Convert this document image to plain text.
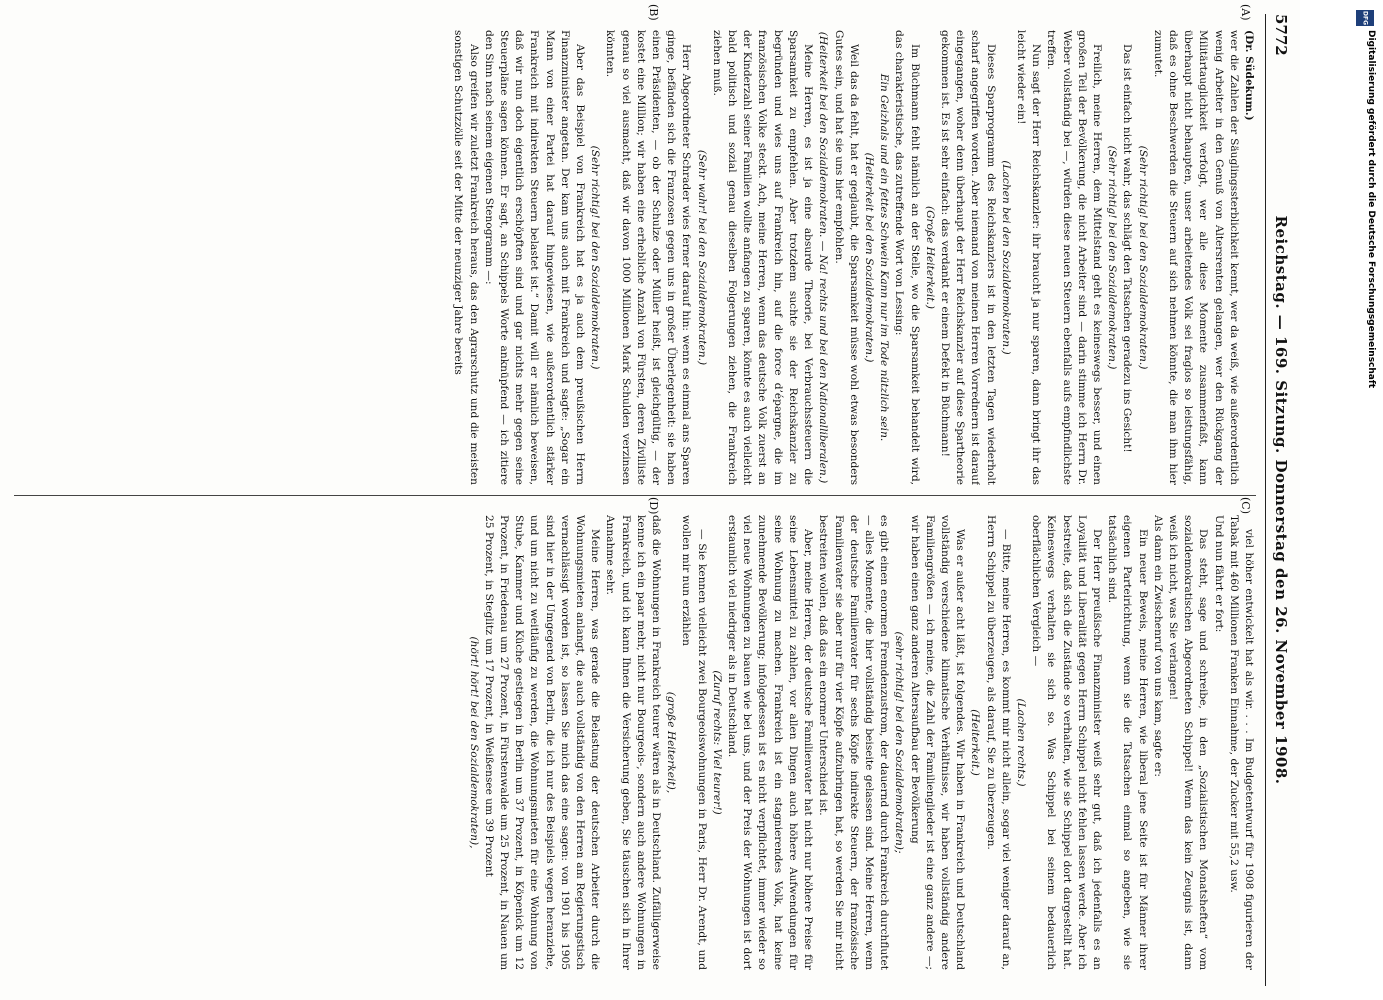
5772
Reichstag. — 169. Sitzung. Donnerstag den 26. November 1908.
(A)
(B)
(C)
(D)

(Dr. Südekum.)

wer die Zahlen der Säuglingssterblichkeit kennt, wer da weiß, wie außerordentlich wenig Arbeiter in den Genuß von Altersrenten gelangen, wer den Rückgang der Militärtauglichkeit verfolgt, wer alle diese Momente zusammenfaßt, kann überhaupt nicht behaupten, unser arbeitendes Volk sei fraglos so leistungsfähig, daß es ohne Beschwerden die Steuern auf sich nehmen könnte, die man ihm hier zumutet.

(Sehr richtig! bei den Sozialdemokraten.)

Das ist einfach nicht wahr, das schlägt den Tatsachen geradezu ins Gesicht!

(Sehr richtig! bei den Sozialdemokraten.)

Freilich, meine Herren, dem Mittelstand geht es keineswegs besser, und einen großen Teil der Bevölkerung, die nicht Arbeiter sind — darin stimme ich Herrn Dr. Weber vollständig bei —, würden diese neuen Steuern ebenfalls aufs empfindlichste treffen.

Nun sagt der Herr Reichskanzler: ihr braucht ja nur sparen, dann bringt ihr das leicht wieder ein!

(Lachen bei den Sozialdemokraten.)

Dieses Sparprogramm des Reichskanzlers ist in den letzten Tagen wiederholt scharf angegriffen worden. Aber niemand von meinen Herren Vorrednern ist darauf eingegangen, woher denn überhaupt der Herr Reichskanzler auf diese Spartheorie gekommen ist. Es ist sehr einfach: das verdankt er einem Defekt in Büchmann!

(Große Heiterkeit.)

Im Büchmann fehlt nämlich an der Stelle, wo die Sparsamkeit behandelt wird, das charakteristische, das zutreffende Wort von Lessing:

Ein Geizhals und ein fettes Schwein Kann nur im Tode nützlich sein.

(Heiterkeit bei den Sozialdemokraten.)

Weil das da fehlt, hat er geglaubt, die Sparsamkeit müsse wohl etwas besonders Gutes sein, und hat sie uns hier empfohlen.

(Heiterkeit bei den Sozialdemokraten. — Na! rechts und bei den Nationalliberalen.)

Meine Herren, es ist ja eine absurde Theorie, bei Verbrauchssteuern die Sparsamkeit zu empfehlen. Aber trotzdem suchte sie der Reichskanzler zu begründen und wies uns auf Frankreich hin, auf die force d’épargne, die im französischen Volke steckt. Ach, meine Herren, wenn das deutsche Volk zuerst an der Kinderzahl seiner Familien wollte anfangen zu sparen, könnte es auch vielleicht bald politisch und sozial genau dieselben Folgerungen ziehen, die Frankreich ziehen muß.

(Sehr wahr! bei den Sozialdemokraten.)

Herr Abgeordneter Schrader wies ferner darauf hin: wenn es einmal ans Sparen ginge, befänden sich die Franzosen gegen uns in großer Überlegenheit: sie haben einen Präsidenten, — ob der Schulze oder Müller heißt, ist gleichgültig, — der kostet eine Million; wir haben eine erhebliche Anzahl von Fürsten, deren Zivilliste genau so viel ausmacht, daß wir davon 1000 Millionen Mark Schulden verzinsen könnten.

(Sehr richtig! bei den Sozialdemokraten.)

Aber das Beispiel von Frankreich hat es ja auch dem preußischen Herrn Finanzminister angetan. Der kam uns auch mit Frankreich und sagte: „Sogar ein Mann von einer Partei hat darauf hingewiesen, wie außerordentlich stärker Frankreich mit indirekten Steuern belastet ist.“ Damit will er nämlich beweisen, daß wir nun doch eigentlich erschöpften sind und gar nichts mehr gegen seine Steuerpläne sagen können. Er sagt, an Schippels Worte anknüpfend — ich zitiere den Sinn nach seinem eigenen Stenogramm —:

Also greifen wir zuletzt Frankreich heraus, das den Agrarschutz und die meisten sonstigen Schutzzölle seit der Mitte der neunziger Jahre bereits

viel höher entwickelt hat als wir. . . . Im Budgetentwurf für 1908 figurieren der Tabak mit 460 Millionen Franken Einnahme, der Zucker mit 55,2 usw.

Und nun fährt er fort:

Das steht, sage und schreibe, in den „Sozialistischen Monatsheften“ vom sozialdemokratischen Abgeordneten Schippel! Wenn das kein Zeugnis ist, dann weiß ich nicht, was Sie verlangen!

Als dann ein Zwischenruf von uns kam, sagte er:

Ein neuer Beweis, meine Herren, wie liberal jene Seite ist für Männer ihrer eigenen Parteirichtung, wenn sie die Tatsachen einmal so angeben, wie sie tatsächlich sind.

Der Herr preußische Finanzminister weiß sehr gut, daß ich jedenfalls es an Loyalität und Liberalität gegen Herrn Schippel nicht fehlen lassen werde. Aber ich bestreite, daß sich die Zustände so verhalten, wie sie Schippel dort dargestellt hat. Keineswegs verhalten sie sich so. Was Schippel bei seinem bedauerlich oberflächlichen Vergleich —

(Lachen rechts.)

— Bitte, meine Herren, es kommt mir nicht allein, sogar viel weniger darauf an, Herrn Schippel zu überzeugen, als darauf, Sie zu überzeugen.

(Heiterkeit.)

Was er außer acht läßt, ist folgendes. Wir haben in Frankreich und Deutschland vollständig verschiedene klimatische Verhältnisse, wir haben vollständig andere Familiengrößen — ich meine, die Zahl der Familienglieder ist eine ganz andere —; wir haben einen ganz anderen Altersaufbau der Bevölkerung

(sehr richtig! bei den Sozialdemokraten);

es gibt einen enormen Fremdenzustrom, der dauernd durch Frankreich durchflutet — alles Momente, die hier vollständig beiseite gelassen sind. Meine Herren, wenn der deutsche Familienvater für sechs Köpfe indirekte Steuern, der französische Familienvater sie aber nur für vier Köpfe aufzubringen hat, so werden Sie mir nicht bestreiten wollen, daß das ein enormer Unterschied ist.

Aber, meine Herren, der deutsche Familienvater hat nicht nur höhere Preise für seine Lebensmittel zu zahlen, vor allen Dingen auch höhere Aufwendungen für seine Wohnung zu machen. Frankreich ist ein stagnierendes Volk, hat keine zunehmende Bevölkerung; infolgedessen ist es nicht verpflichtet, immer wieder so viel neue Wohnungen zu bauen wie bei uns, und der Preis der Wohnungen ist dort erstaunlich viel niedriger als in Deutschland.

(Zuruf rechts: Viel teurer!)

— Sie kennen vielleicht zwei Bourgeoiswohnungen in Paris, Herr Dr. Arendt, und wollen mir nun erzählen

(große Heiterkeit),

daß die Wohnungen in Frankreich teurer wären als in Deutschland. Zufälligerweise kenne ich ein paar mehr, nicht nur Bourgeois-, sondern auch andere Wohnungen in Frankreich, und ich kann Ihnen die Versicherung geben, Sie täuschen sich in Ihrer Annahme sehr.

Meine Herren, was gerade die Belastung der deutschen Arbeiter durch die Wohnungsmieten anlangt, die auch vollständig von den Herren am Regierungstisch vernachlässigt worden ist, so lassen Sie mich das eine sagen: von 1901 bis 1905 sind hier in der Umgegend von Berlin, die ich nur des Beispiels wegen heranziehe, und um nicht zu weitläufig zu werden, die Wohnungsmieten für eine Wohnung von Stube, Kammer und Küche gestiegen in Berlin um 37 Prozent, in Köpenick um 12 Prozent, in Friedenau um 27 Prozent, in Fürstenwalde um 25 Prozent, in Nauen um 25 Prozent, in Steglitz um 17 Prozent, in Weißensee um 39 Prozent

(hört! hört! bei den Sozialdemokraten),

DFG
Digitalisierung gefördert durch die Deutsche Forschungsgemeinschaft
